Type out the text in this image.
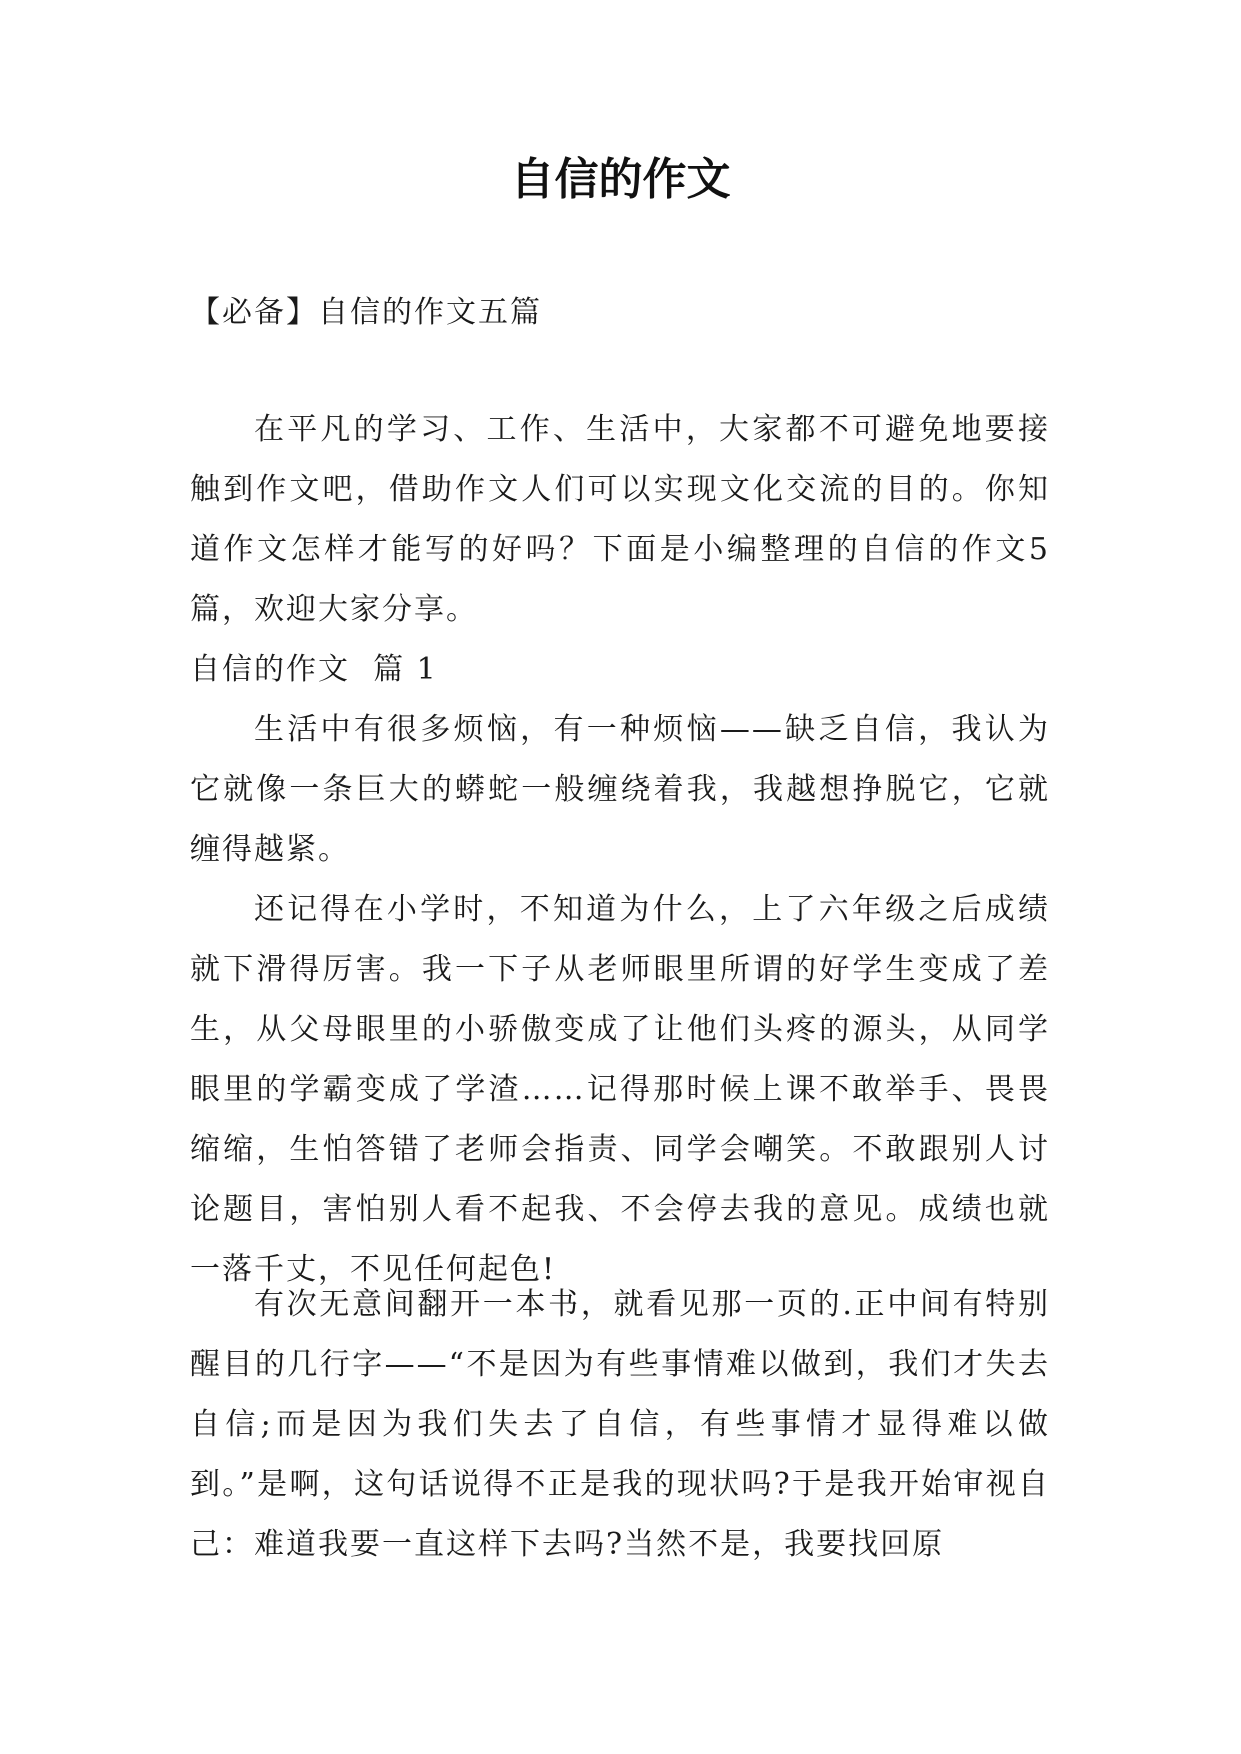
自信的作文
【必备】自信的作文五篇

在平凡的学习、工作、生活中，大家都不可避免地要接触到作文吧，借助作文人们可以实现文化交流的目的。你知道作文怎样才能写的好吗？下面是小编整理的自信的作文5篇，欢迎大家分享。

自信的作文  篇 1

生活中有很多烦恼，有一种烦恼——缺乏自信，我认为它就像一条巨大的蟒蛇一般缠绕着我，我越想挣脱它，它就缠得越紧。

还记得在小学时，不知道为什么，上了六年级之后成绩就下滑得厉害。我一下子从老师眼里所谓的好学生变成了差生，从父母眼里的小骄傲变成了让他们头疼的源头，从同学眼里的学霸变成了学渣……记得那时候上课不敢举手、畏畏缩缩，生怕答错了老师会指责、同学会嘲笑。不敢跟别人讨论题目，害怕别人看不起我、不会停去我的意见。成绩也就一落千丈，不见任何起色!

有次无意间翻开一本书，就看见那一页的.正中间有特别醒目的几行字——“不是因为有些事情难以做到，我们才失去自信;而是因为我们失去了自信，有些事情才显得难以做到。”是啊，这句话说得不正是我的现状吗?于是我开始审视自己：难道我要一直这样下去吗?当然不是，我要找回原
